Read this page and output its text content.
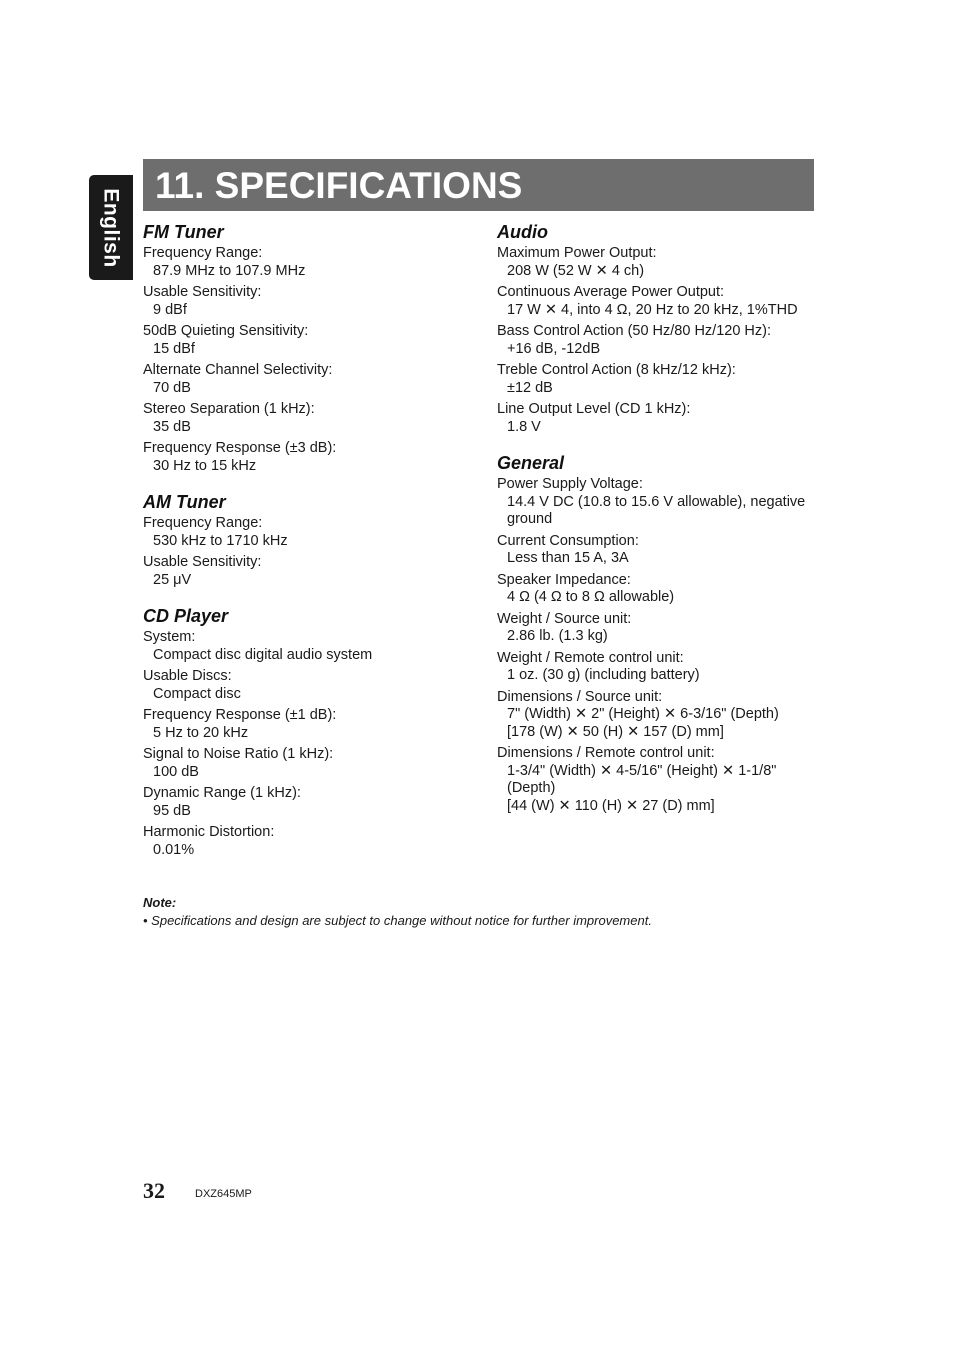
English
11. SPECIFICATIONS
FM Tuner
Frequency Range:
87.9 MHz to 107.9 MHz
Usable Sensitivity:
9 dBf
50dB Quieting Sensitivity:
15 dBf
Alternate Channel Selectivity:
70 dB
Stereo Separation (1 kHz):
35 dB
Frequency Response (±3 dB):
30 Hz to 15 kHz
AM Tuner
Frequency Range:
530 kHz to 1710 kHz
Usable Sensitivity:
25 μV
CD Player
System:
Compact disc digital audio system
Usable Discs:
Compact disc
Frequency Response (±1 dB):
5 Hz to 20 kHz
Signal to Noise Ratio (1 kHz):
100 dB
Dynamic Range (1 kHz):
95 dB
Harmonic Distortion:
0.01%
Audio
Maximum Power Output:
208 W (52 W ✕ 4 ch)
Continuous Average Power Output:
17 W ✕ 4, into 4 Ω, 20 Hz to 20 kHz, 1%THD
Bass Control Action (50 Hz/80 Hz/120 Hz):
+16 dB, -12dB
Treble Control Action (8 kHz/12 kHz):
±12 dB
Line Output Level (CD 1 kHz):
1.8 V
General
Power Supply Voltage:
14.4 V DC (10.8 to 15.6 V allowable), negative ground
Current Consumption:
Less than 15 A, 3A
Speaker Impedance:
4 Ω (4 Ω to 8 Ω allowable)
Weight / Source unit:
2.86 lb. (1.3 kg)
Weight / Remote control unit:
1 oz. (30 g) (including battery)
Dimensions / Source unit:
7" (Width) ✕ 2" (Height) ✕ 6-3/16" (Depth)
[178 (W) ✕ 50 (H) ✕ 157 (D) mm]
Dimensions / Remote control unit:
1-3/4" (Width) ✕ 4-5/16" (Height) ✕ 1-1/8" (Depth)
[44 (W) ✕ 110 (H) ✕ 27 (D) mm]
Note:
• Specifications and design are subject to change without notice for further improvement.
32	DXZ645MP
